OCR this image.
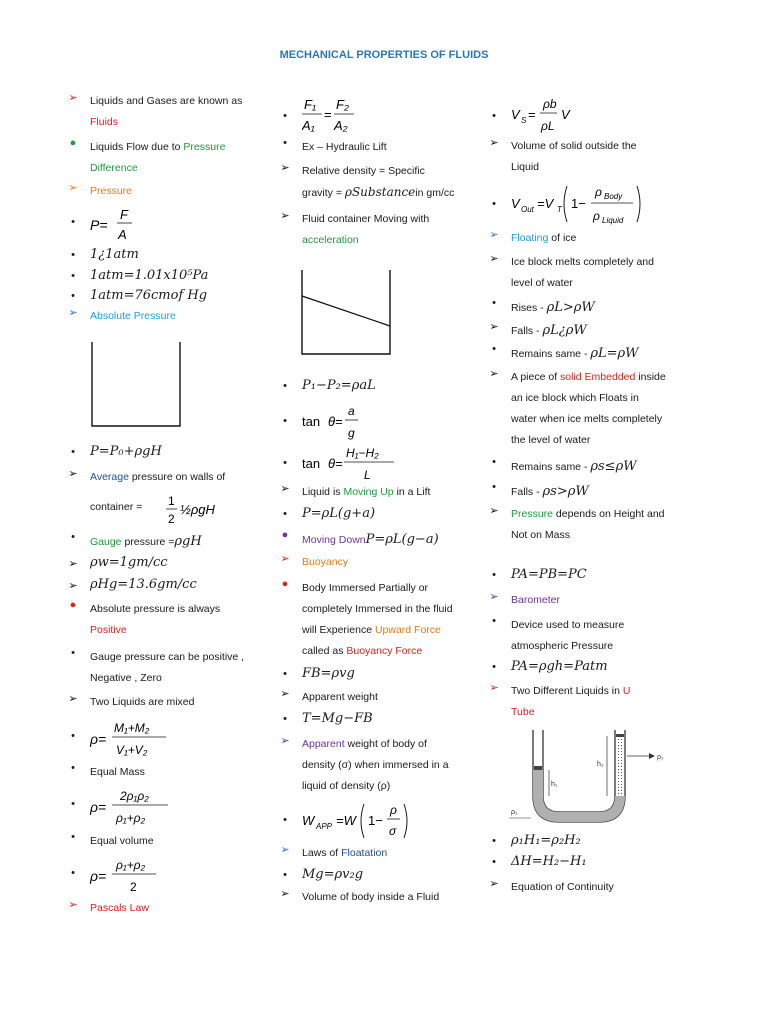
MECHANICAL PROPERTIES OF FLUIDS
➢ Liquids and Gases are known as
Fluids
●	Liquids Flow due to Pressure
Difference
➢ Pressure
•	P=
F
A
•	1¿1atm
•	1atm=1.01x10⁵Pa
•	1atm=76cmof Hg
➢ Absolute Pressure
•	P=P₀+ρgH
➢ Average pressure on walls of
container =	1
2
½ρgH
•	Gauge pressure =ρgH
➢ ρw=1gm/cc
➢ ρHg=13.6gm/cc
●	Absolute pressure is always
Positive
•	Gauge pressure can be positive ,
Negative , Zero
➢ Two Liquids are mixed
•	ρ=
M₁+M₂
V₁+V₂
•	Equal Mass
•	ρ=
2ρ₁ρ₂
ρ₁+ρ₂
•	Equal volume
•	ρ=
ρ₁+ρ₂
2
➢ Pascals Law
•
F₁
A₁
=
F₂
A₂
•	Ex – Hydraulic Lift
➢ Relative density = Specific
gravity = ρSubstancein gm/cc
➢ Fluid container Moving with
acceleration
•	P₁−P₂=ρaL
•	tan θ=
a
g
•	tan θ=
H₁−H₂
L
➢ Liquid is Moving Up in a Lift
•	P=ρL(g+a)
●	Moving DownP=ρL(g−a)
➢ Buoyancy
●	Body Immersed Partially or
completely Immersed in the fluid
will Experience Upward Force
called as Buoyancy Force
•	FB=ρvg
➢ Apparent weight
•	T=Mg−FB
➢ Apparent weight of body of
density (σ) when immersed in a
liquid of density (ρ)
•	W APP =W 1−
ρ
σ
WAPP=W(1−ρ/σ)
➢ Laws of Floatation
•	Mg=ρv₂g
➢ Volume of body inside a Fluid
•	V S =
ρb
ρL
V
VS=ρb/ρL V
➢ Volume of solid outside the
Liquid
•	V Out =V T 1−
ρ Body
ρ Liquid
VOut=VT(1−ρBody/ρLiquid)
➢ Floating of ice
➢ Ice block melts completely and
level of water
•	Rises - ρL>ρW
➢ Falls - ρL¿ρW
•	Remains same - ρL=ρW
➢ A piece of solid Embedded inside
an ice block which Floats in
water when ice melts completely
the level of water
•	Remains same - ρs≤ρW
•	Falls - ρs>ρW
➢ Pressure depends on Height and
Not on Mass
•	PA=PB=PC
➢ Barometer
•	Device used to measure
atmospheric Pressure
•	PA=ρgh=Patm
➢ Two Different Liquids in U
Tube
h₁
h₂
ρ₁
ρ₂
•	ρ₁H₁=ρ₂H₂
•	ΔH=H₂−H₁
➢ Equation of Continuity
